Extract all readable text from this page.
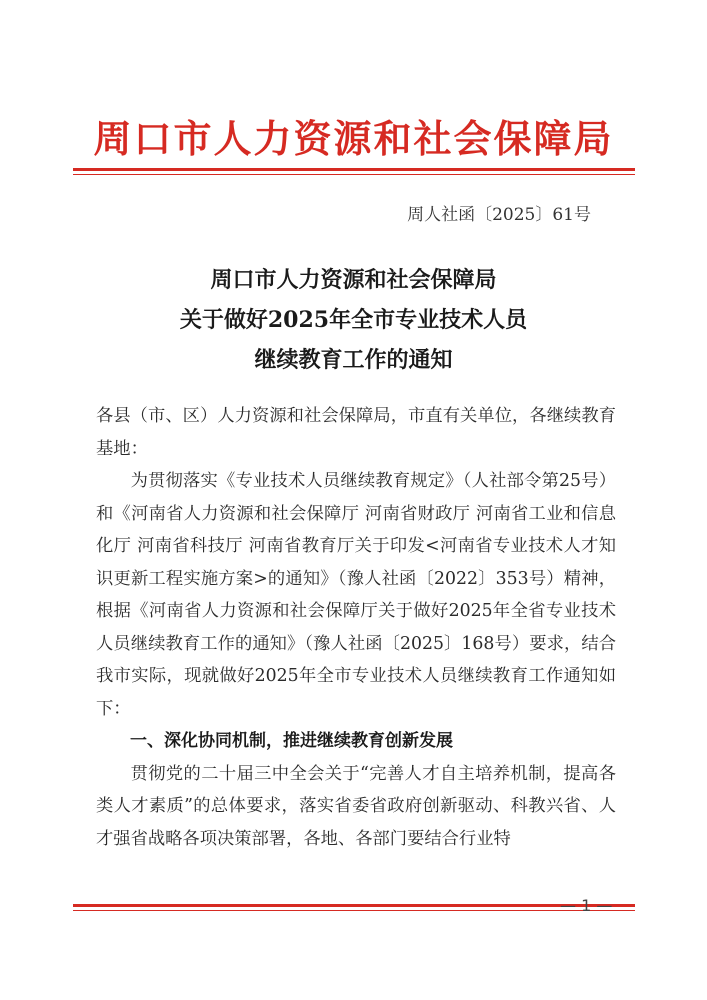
周口市人力资源和社会保障局
周人社函〔2025〕61号
周口市人力资源和社会保障局
关于做好2025年全市专业技术人员
继续教育工作的通知

各县（市、区）人力资源和社会保障局，市直有关单位，各继续教育基地：

为贯彻落实《专业技术人员继续教育规定》（人社部令第25号）和《河南省人力资源和社会保障厅 河南省财政厅 河南省工业和信息化厅 河南省科技厅 河南省教育厅关于印发<河南省专业技术人才知识更新工程实施方案>的通知》（豫人社函〔2022〕353号）精神，根据《河南省人力资源和社会保障厅关于做好2025年全省专业技术人员继续教育工作的通知》（豫人社函〔2025〕168号）要求，结合我市实际，现就做好2025年全市专业技术人员继续教育工作通知如下：

一、深化协同机制，推进继续教育创新发展

贯彻党的二十届三中全会关于“完善人才自主培养机制，提高各类人才素质”的总体要求，落实省委省政府创新驱动、科教兴省、人才强省战略各项决策部署，各地、各部门要结合行业特

— 1 —
